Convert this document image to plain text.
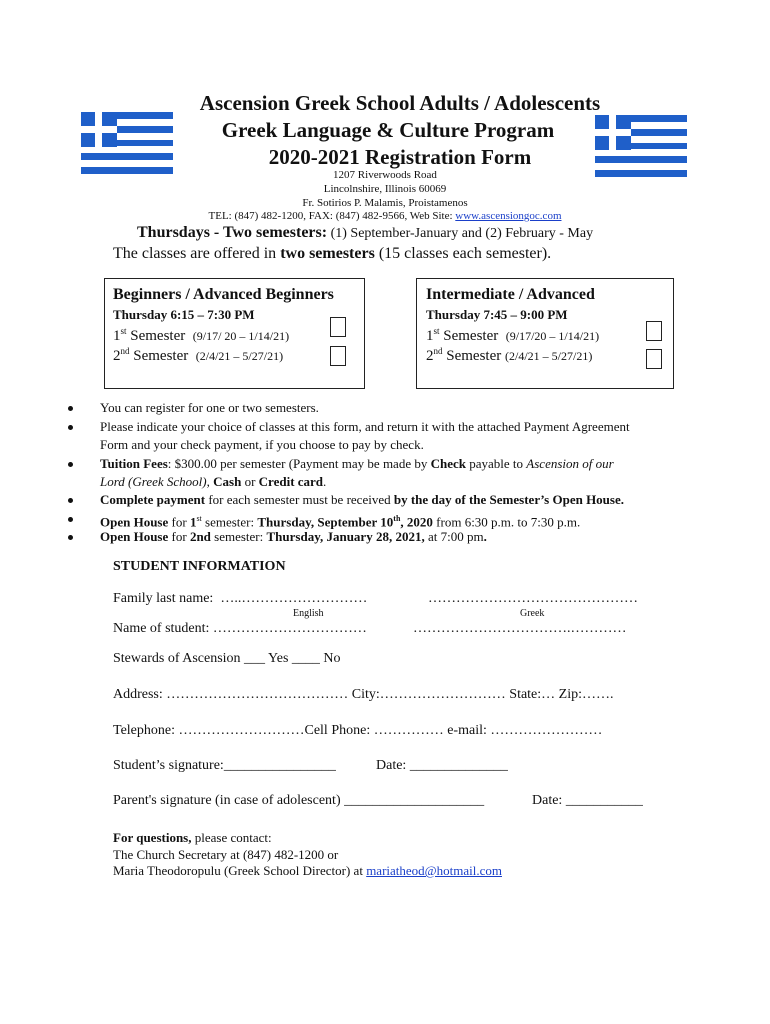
Ascension Greek School Adults / Adolescents
Greek Language & Culture Program
2020-2021 Registration Form
1207 Riverwoods Road
Lincolnshire, Illinois 60069
Fr. Sotirios P. Malamis, Proistamenos
TEL: (847) 482-1200, FAX: (847) 482-9566, Web Site: www.ascensiongoc.com
Thursdays - Two semesters: (1) September-January and (2) February - May
The classes are offered in two semesters (15 classes each semester).
Beginners / Advanced Beginners
Thursday 6:15 – 7:30 PM
1st Semester (9/17/ 20 – 1/14/21)
2nd Semester (2/4/21 – 5/27/21)
Intermediate / Advanced
Thursday 7:45 – 9:00 PM
1st Semester (9/17/20 – 1/14/21)
2nd Semester (2/4/21 – 5/27/21)
You can register for one or two semesters.
Please indicate your choice of classes at this form, and return it with the attached Payment Agreement
Form and your check payment, if you choose to pay by check.
Tuition Fees: $300.00 per semester (Payment may be made by Check payable to Ascension of our
Lord (Greek School), Cash or Credit card.
Complete payment for each semester must be received by the day of the Semester’s Open House.
Open House for 1st semester: Thursday, September 10th, 2020 from 6:30 p.m. to 7:30 p.m.
Open House for 2nd semester: Thursday, January 28, 2021, at 7:00 pm.
STUDENT INFORMATION
Family last name: …..………………………	………………………………………
English	Greek
Name of student: ……………………………	…………………………….…………
Stewards of Ascension ___ Yes ____ No
Address: ………………………………… City:……………………… State:… Zip:…….
Telephone: ………………………Cell Phone: …………… e-mail: ……………………
Student’s signature:________________	Date: ______________
Parent's signature (in case of adolescent) ____________________	Date: ___________
For questions, please contact:
The Church Secretary at (847) 482-1200 or
Maria Theodoropulu (Greek School Director) at mariatheod@hotmail.com
